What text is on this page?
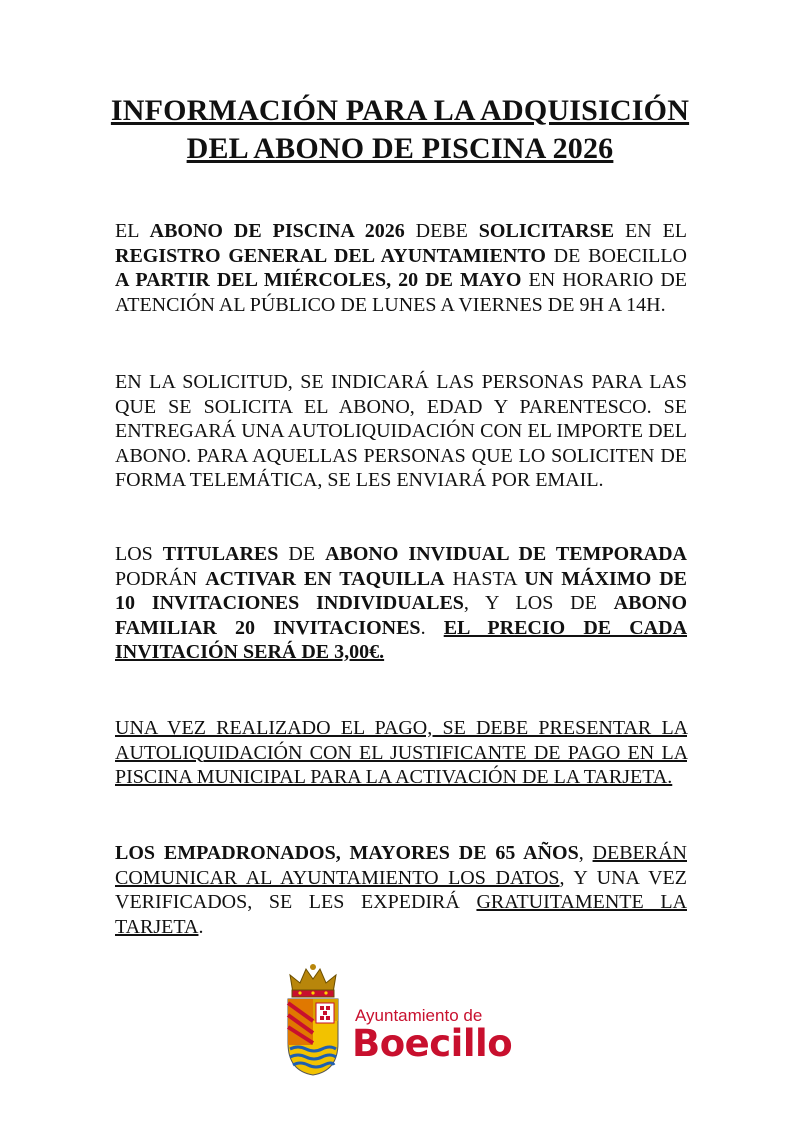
INFORMACIÓN PARA LA ADQUISICIÓN
DEL ABONO DE PISCINA 2026
EL ABONO DE PISCINA 2026 DEBE SOLICITARSE EN EL REGISTRO GENERAL DEL AYUNTAMIENTO DE BOECILLO A PARTIR DEL MIÉRCOLES, 20 DE MAYO EN HORARIO DE ATENCIÓN AL PÚBLICO DE LUNES A VIERNES DE 9H A 14H.
EN LA SOLICITUD, SE INDICARÁ LAS PERSONAS PARA LAS QUE SE SOLICITA EL ABONO, EDAD Y PARENTESCO. SE ENTREGARÁ UNA AUTOLIQUIDACIÓN CON EL IMPORTE DEL ABONO. PARA AQUELLAS PERSONAS QUE LO SOLICITEN DE FORMA TELEMÁTICA, SE LES ENVIARÁ POR EMAIL.
LOS TITULARES DE ABONO INVIDUAL DE TEMPORADA PODRÁN ACTIVAR EN TAQUILLA HASTA UN MÁXIMO DE 10 INVITACIONES INDIVIDUALES, Y LOS DE ABONO FAMILIAR 20 INVITACIONES. EL PRECIO DE CADA INVITACIÓN SERÁ DE 3,00€.
UNA VEZ REALIZADO EL PAGO, SE DEBE PRESENTAR LA AUTOLIQUIDACIÓN CON EL JUSTIFICANTE DE PAGO EN LA PISCINA MUNICIPAL PARA LA ACTIVACIÓN DE LA TARJETA.
LOS EMPADRONADOS, MAYORES DE 65 AÑOS, DEBERÁN COMUNICAR AL AYUNTAMIENTO LOS DATOS, Y UNA VEZ VERIFICADOS, SE LES EXPEDIRÁ GRATUITAMENTE LA TARJETA.
Ayuntamiento de
Boecillo
